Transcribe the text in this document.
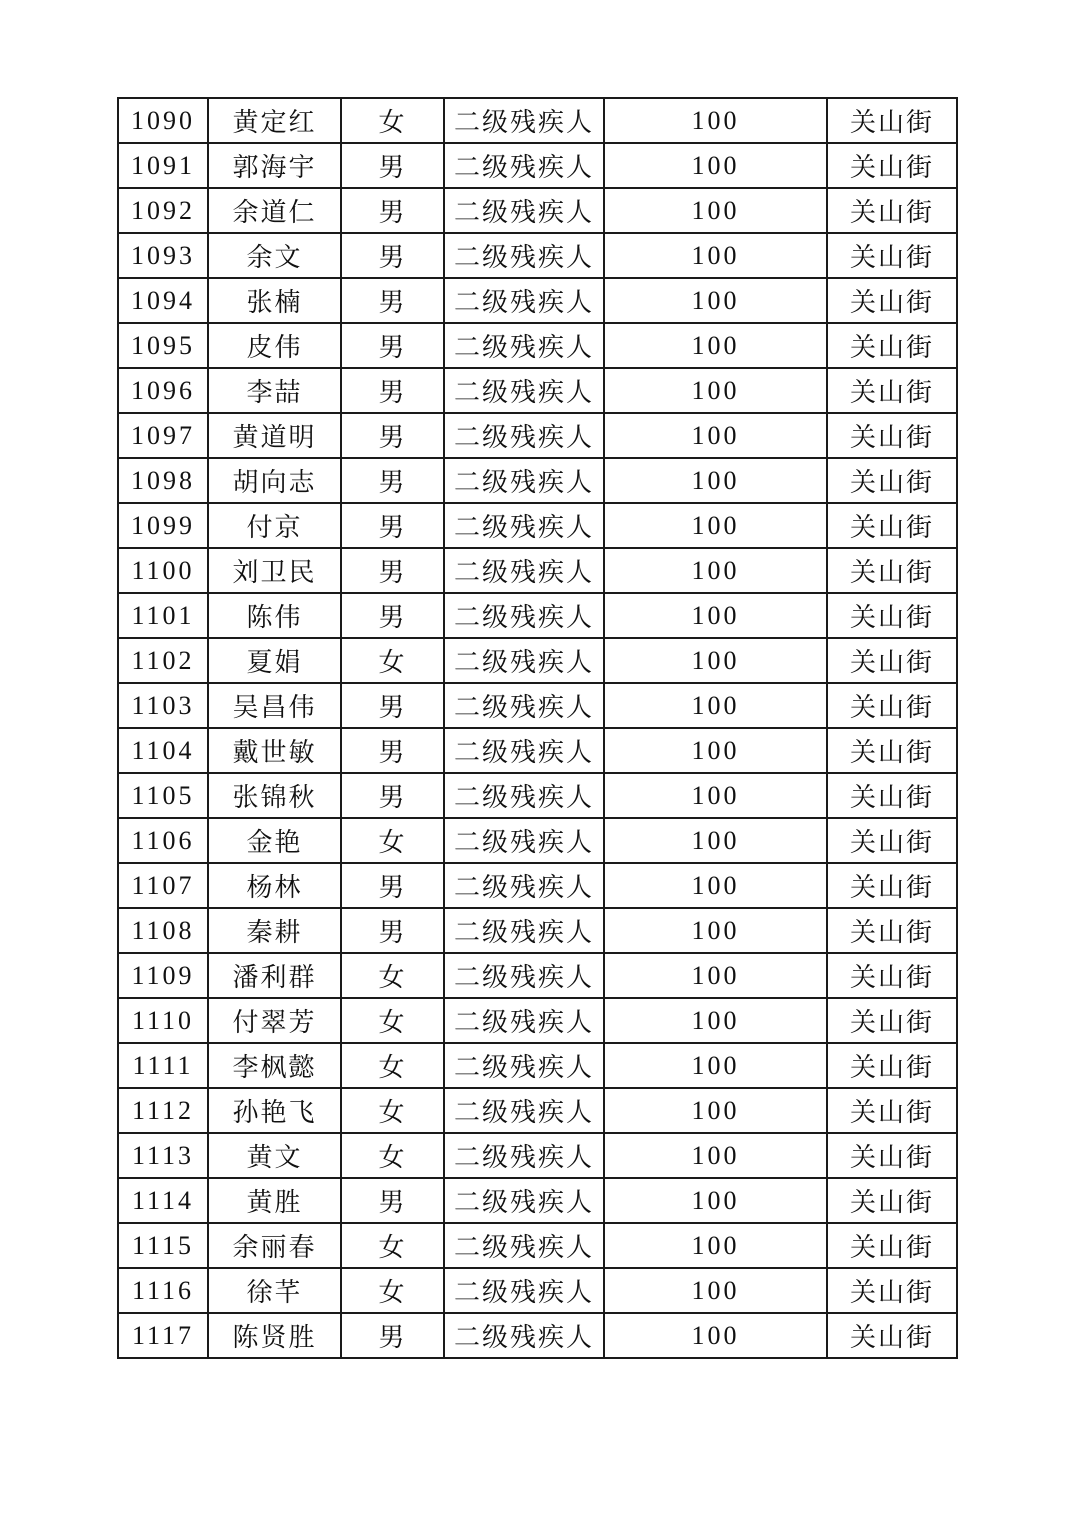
1090	黄定红	女	二级残疾人	100	关山街
1091	郭海宇	男	二级残疾人	100	关山街
1092	余道仁	男	二级残疾人	100	关山街
1093	余文	男	二级残疾人	100	关山街
1094	张楠	男	二级残疾人	100	关山街
1095	皮伟	男	二级残疾人	100	关山街
1096	李喆	男	二级残疾人	100	关山街
1097	黄道明	男	二级残疾人	100	关山街
1098	胡向志	男	二级残疾人	100	关山街
1099	付京	男	二级残疾人	100	关山街
1100	刘卫民	男	二级残疾人	100	关山街
1101	陈伟	男	二级残疾人	100	关山街
1102	夏娟	女	二级残疾人	100	关山街
1103	吴昌伟	男	二级残疾人	100	关山街
1104	戴世敏	男	二级残疾人	100	关山街
1105	张锦秋	男	二级残疾人	100	关山街
1106	金艳	女	二级残疾人	100	关山街
1107	杨林	男	二级残疾人	100	关山街
1108	秦耕	男	二级残疾人	100	关山街
1109	潘利群	女	二级残疾人	100	关山街
1110	付翠芳	女	二级残疾人	100	关山街
1111	李枫懿	女	二级残疾人	100	关山街
1112	孙艳飞	女	二级残疾人	100	关山街
1113	黄文	女	二级残疾人	100	关山街
1114	黄胜	男	二级残疾人	100	关山街
1115	余丽春	女	二级残疾人	100	关山街
1116	徐芊	女	二级残疾人	100	关山街
1117	陈贤胜	男	二级残疾人	100	关山街
